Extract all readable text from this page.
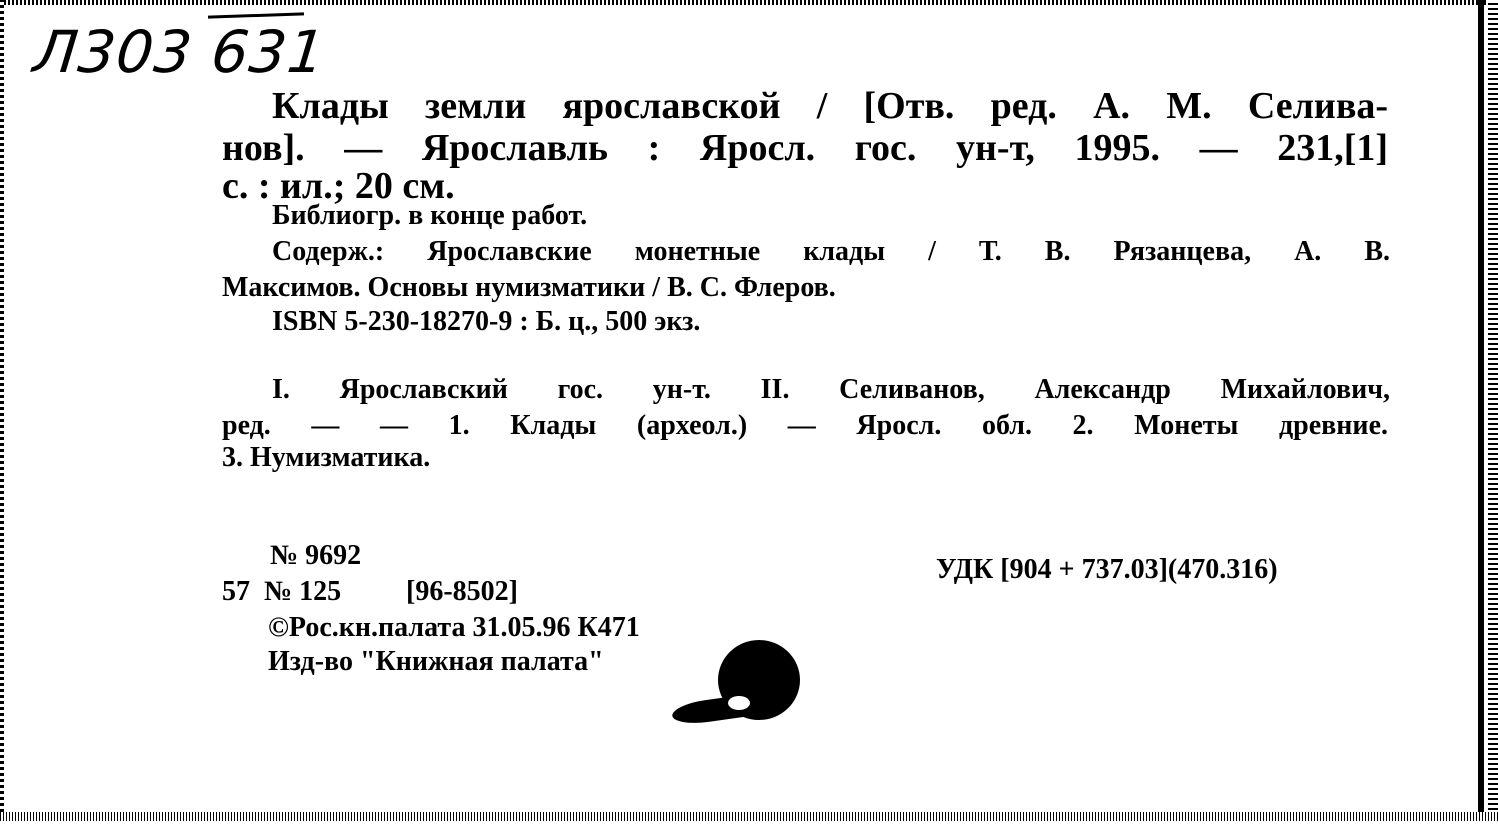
Л303 631
Клады земли ярославской / [Отв. ред. А. М. Селива-
нов]. — Ярославль : Яросл. гос. ун-т, 1995. — 231,[1]
с. : ил.; 20 см.
Библиогр. в конце работ.
Содерж.: Ярославские монетные клады / Т. В. Рязанцева, А. В.
Максимов. Основы нумизматики / В. С. Флеров.
ISBN 5-230-18270-9 : Б. ц., 500 экз.
I. Ярославский гос. ун-т. II. Селиванов, Александр Михайлович,
ред. — — 1. Клады (археол.) — Яросл. обл. 2. Монеты древние.
3. Нумизматика.
№ 9692
57 № 125 [96-8502]
УДК [904 + 737.03](470.316)
©Рос.кн.палата 31.05.96 К471
Изд-во "Книжная палата"
